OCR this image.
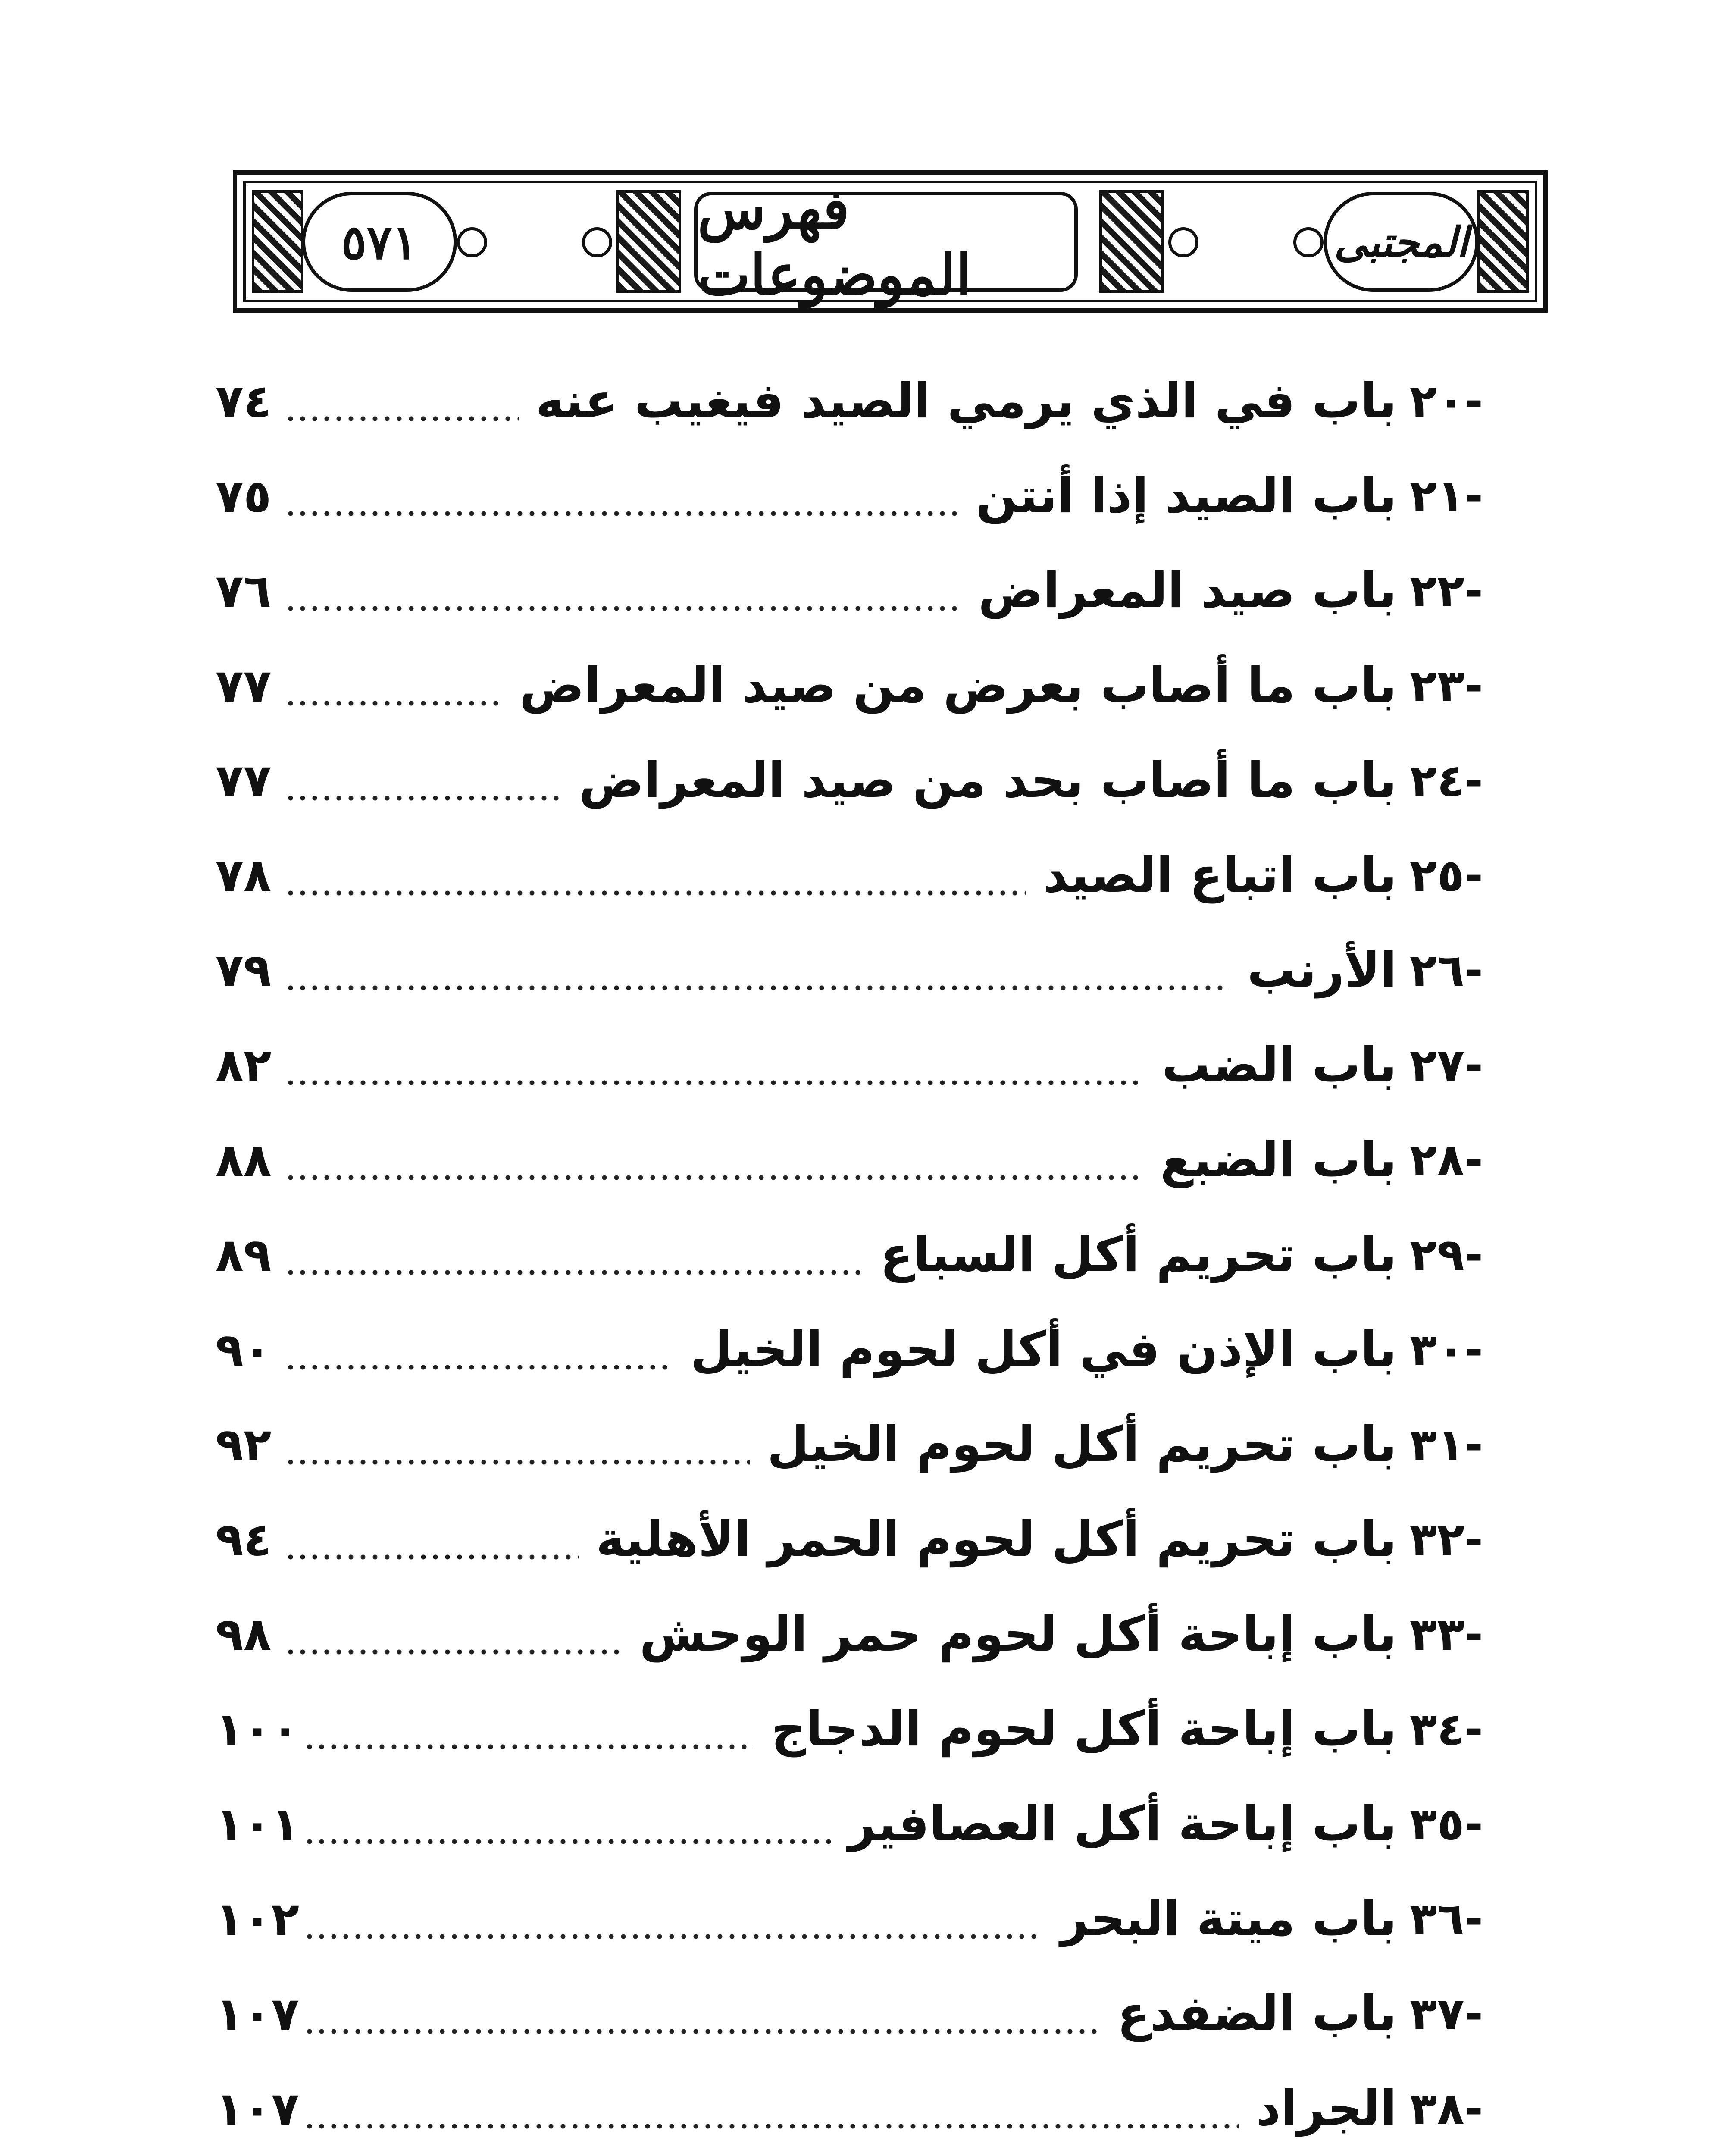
٥٧١	فهرس الموضوعات	المجتبى
٢٠-
باب في الذي يرمي الصيد فيغيب عنه
٧٤
٢١-
باب الصيد إذا أنتن
٧٥
٢٢-
باب صيد المعراض
٧٦
٢٣-
باب ما أصاب بعرض من صيد المعراض
٧٧
٢٤-
باب ما أصاب بحد من صيد المعراض
٧٧
٢٥-
باب اتباع الصيد
٧٨
٢٦-
الأرنب
٧٩
٢٧-
باب الضب
٨٢
٢٨-
باب الضبع
٨٨
٢٩-
باب تحريم أكل السباع
٨٩
٣٠-
باب الإذن في أكل لحوم الخيل
٩٠
٣١-
باب تحريم أكل لحوم الخيل
٩٢
٣٢-
باب تحريم أكل لحوم الحمر الأهلية
٩٤
٣٣-
باب إباحة أكل لحوم حمر الوحش
٩٨
٣٤-
باب إباحة أكل لحوم الدجاج
١٠٠
٣٥-
باب إباحة أكل العصافير
١٠١
٣٦-
باب ميتة البحر
١٠٢
٣٧-
باب الضفدع
١٠٧
٣٨-
الجراد
١٠٧
